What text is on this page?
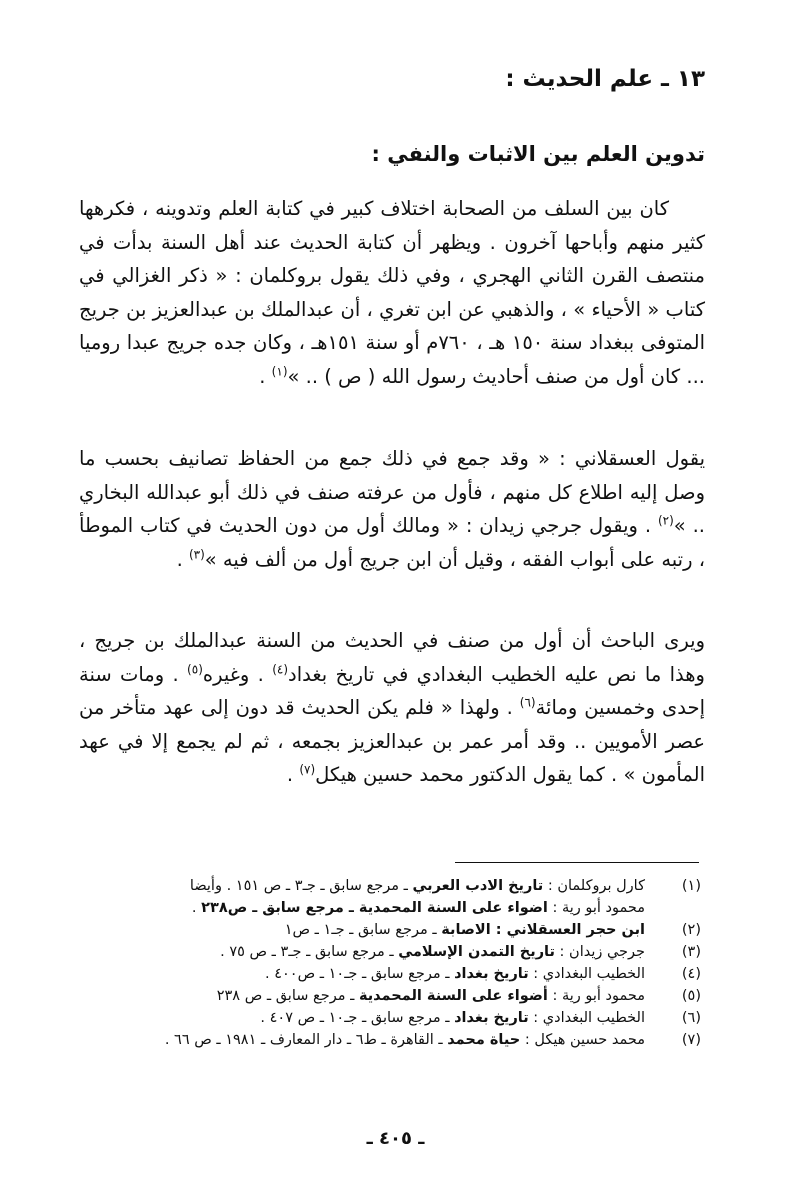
١٣ ـ علم الحديث :
تدوين العلم بين الاثبات والنفي :

كان بين السلف من الصحابة اختلاف كبير في كتابة العلم وتدوينه ، فكرهها كثير منهم وأباحها آخرون . ويظهر أن كتابة الحديث عند أهل السنة بدأت في منتصف القرن الثاني الهجري ، وفي ذلك يقول بروكلمان : « ذكر الغزالي في كتاب « الأحياء » ، والذهبي عن ابن تغري ، أن عبدالملك بن عبدالعزيز بن جريج المتوفى ببغداد سنة ١٥٠ هـ ، ٧٦٠م أو سنة ١٥١هـ ، وكان جده جريج عبدا روميا ... كان أول من صنف أحاديث رسول الله ( ص ) .. »$^{(١)}$ .

يقول العسقلاني : « وقد جمع في ذلك جمع من الحفاظ تصانيف بحسب ما وصل إليه اطلاع كل منهم ، فأول من عرفته صنف في ذلك أبو عبدالله البخاري .. »$^{(٢)}$ . ويقول جرجي زيدان : « ومالك أول من دون الحديث في كتاب الموطأ ، رتبه على أبواب الفقه ، وقيل أن ابن جريج أول من ألف فيه »$^{(٣)}$ .

ويرى الباحث أن أول من صنف في الحديث من السنة عبدالملك بن جريج ، وهذا ما نص عليه الخطيب البغدادي في تاريخ بغداد$^{(٤)}$ . وغيره$^{(٥)}$ . ومات سنة إحدى وخمسين ومائة$^{(٦)}$ . ولهذا « فلم يكن الحديث قد دون إلى عهد متأخر من عصر الأمويين .. وقد أمر عمر بن عبدالعزيز بجمعه ، ثم لم يجمع إلا في عهد المأمون » . كما يقول الدكتور محمد حسين هيكل$^{(٧)}$ .

(١)
كارل بروكلمان : تاريخ الادب العربي ـ مرجع سابق ـ جـ٣ ـ ص ١٥١ . وأيضا
محمود أبو رية : اضواء على السنة المحمدية ـ مرجع سابق ـ ص٢٣٨ .
(٢)
ابن حجر العسقلاني : الاصابة ـ مرجع سابق ـ جـ١ ـ ص١
(٣)
جرجي زيدان : تاريخ التمدن الإسلامي ـ مرجع سابق ـ جـ٣ ـ ص ٧٥ .
(٤)
الخطيب البغدادي : تاريخ بغداد ـ مرجع سابق ـ جـ١٠ ـ ص٤٠٠ .
(٥)
محمود أبو رية : أضواء على السنة المحمدية ـ مرجع سابق ـ ص ٢٣٨
(٦)
الخطيب البغدادي : تاريخ بغداد ـ مرجع سابق ـ جـ١٠ ـ ص ٤٠٧ .
(٧)
محمد حسين هيكل : حياة محمد ـ القاهرة ـ ط٦ ـ دار المعارف ـ ١٩٨١ ـ ص ٦٦ .

ـ ٤٠٥ ـ
